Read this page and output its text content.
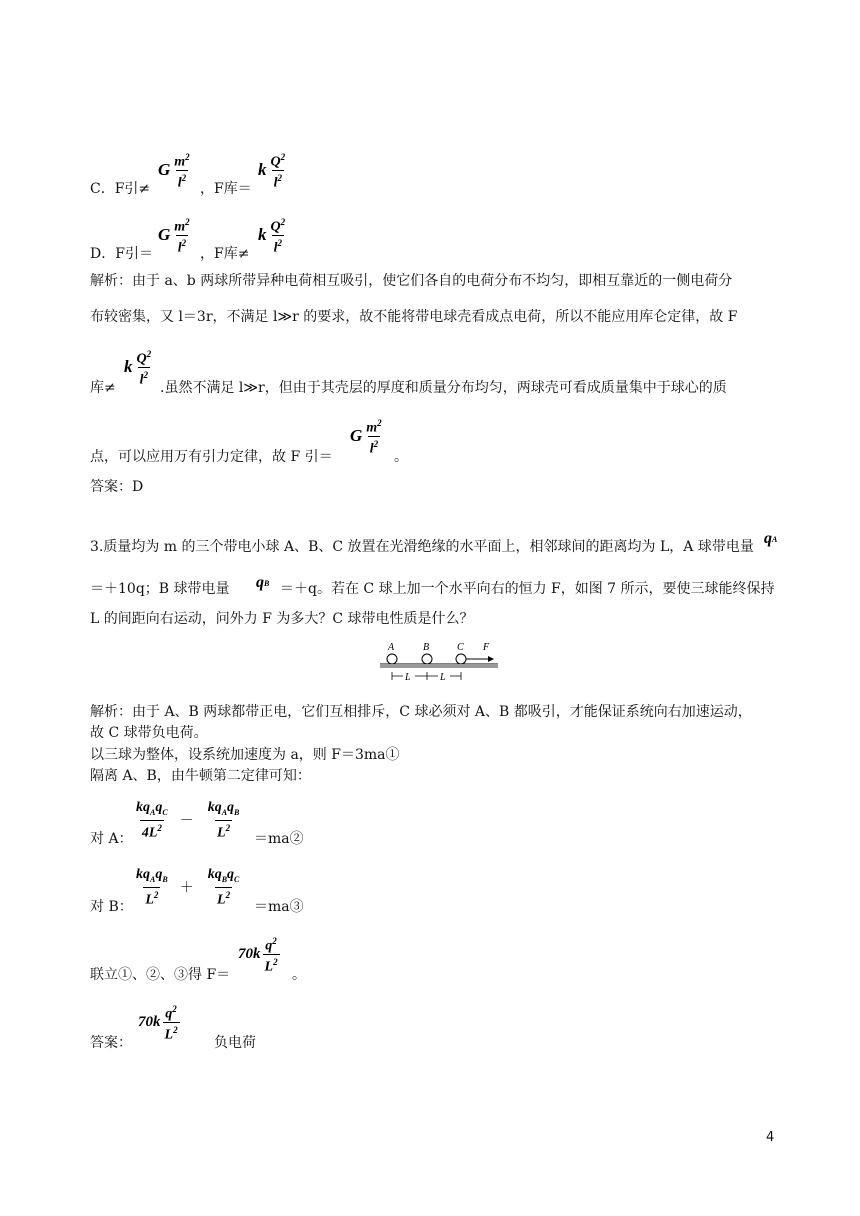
C．F引≠
G $m^2$
$l^2$
，F库＝
k $Q^2$
$l^2$
D．F引＝
G $m^2$
$l^2$
，F库≠
k $Q^2$
$l^2$
解析：由于 a、b 两球所带异种电荷相互吸引，使它们各自的电荷分布不均匀，即相互靠近的一侧电荷分
布较密集，又 l＝3r，不满足 l≫r 的要求，故不能将带电球壳看成点电荷，所以不能应用库仑定律，故 F
k $Q^2$
$l^2$
库≠	.虽然不满足 l≫r，但由于其壳层的厚度和质量分布均匀，两球壳可看成质量集中于球心的质
点，可以应用万有引力定律，故 F 引＝
G $m^2$
$l^2$
。
答案：D
3.质量均为 m 的三个带电小球 A、B、C 放置在光滑绝缘的水平面上，相邻球间的距离均为 L，A 球带电量 q A
＝＋10q；B 球带电量 q B ＝＋q。若在 C 球上加一个水平向右的恒力 F，如图 7 所示，要使三球能终保持
L 的间距向右运动，问外力 F 为多大？C 球带电性质是什么？
A	B	C F
L	L
解析：由于 A、B 两球都带正电，它们互相排斥，C 球必须对 A、B 都吸引，才能保证系统向右加速运动，
故 C 球带负电荷。
以三球为整体，设系统加速度为 a，则 F＝3ma①
隔离 A、B，由牛顿第二定律可知：
对 A：
$kq_Aq_C$
$4L^2$ －
$kq_Aq_B$
$L^2$
＝ma②
对 B：
$kq_Aq_B$
$L^2$ ＋
$kq_Bq_C$
$L^2$
＝ma③
联立①、②、③得 F＝
70k $q^2$
$L^2$
。
答案：
70k $q^2$
$L^2$
负电荷
4
